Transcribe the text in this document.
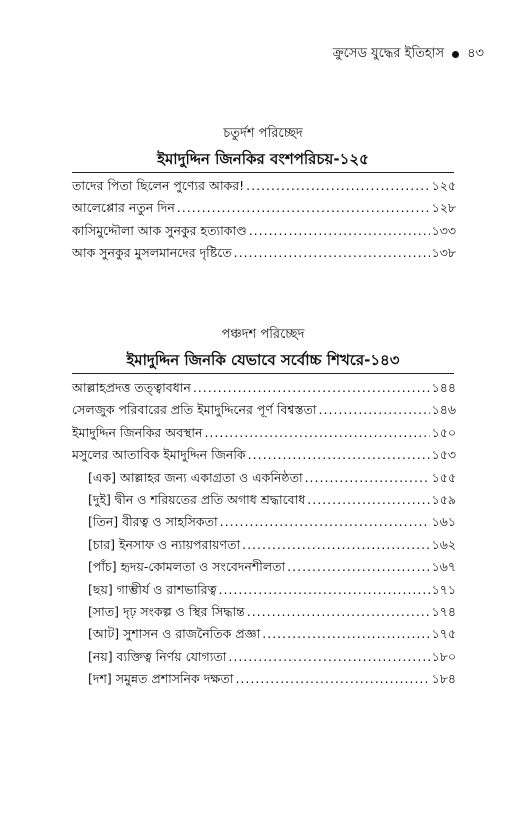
ক্রুসেড যুদ্ধের ইতিহাস ৪৩
চতুর্দশ পরিচ্ছেদ
ইমাদুদ্দিন জিনকির বংশপরিচয়-১২৫
তাদের পিতা ছিলেন পুণ্যের আকর! .....	১২৫
আলেপ্পোর নতুন দিন .....	১২৮
কাসিমুদ্দৌলা আক সুনকুর হত্যাকাণ্ড .....	১৩৩
আক সুনকুর মুসলমানদের দৃষ্টিতে .....	১৩৮
পঞ্চদশ পরিচ্ছেদ
ইমাদুদ্দিন জিনকি যেভাবে সর্বোচ্চ শিখরে-১৪৩
আল্লাহপ্রদত্ত তত্ত্বাবধান .....	১৪৪
সেলজুক পরিবারের প্রতি ইমাদুদ্দিনের পূর্ণ বিশ্বস্ততা .....	১৪৬
ইমাদুদ্দিন জিনকির অবস্থান .....	১৫০
মসুলের আতাবিক ইমাদুদ্দিন জিনকি .....	১৫৩
[এক] আল্লাহর জন্য একাগ্রতা ও একনিষ্ঠতা .....	১৫৫
[দুই] দ্বীন ও শরিয়তের প্রতি অগাধ শ্রদ্ধাবোধ .....	১৫৯
[তিন] বীরত্ব ও সাহসিকতা .....	১৬১
[চার] ইনসাফ ও ন্যায়পরায়ণতা .....	১৬২
[পাঁচ] হৃদয়-কোমলতা ও সংবেদনশীলতা .....	১৬৭
[ছয়] গাম্ভীর্য ও রাশভারিত্ব .....	১৭১
[সাত] দৃঢ় সংকল্প ও স্থির সিদ্ধান্ত .....	১৭৪
[আট] সুশাসন ও রাজনৈতিক প্রজ্ঞা .....	১৭৫
[নয়] ব্যক্তিত্ব নির্ণয় যোগ্যতা .....	১৮০
[দশ] সমুন্নত প্রশাসনিক দক্ষতা .....	১৮৪
